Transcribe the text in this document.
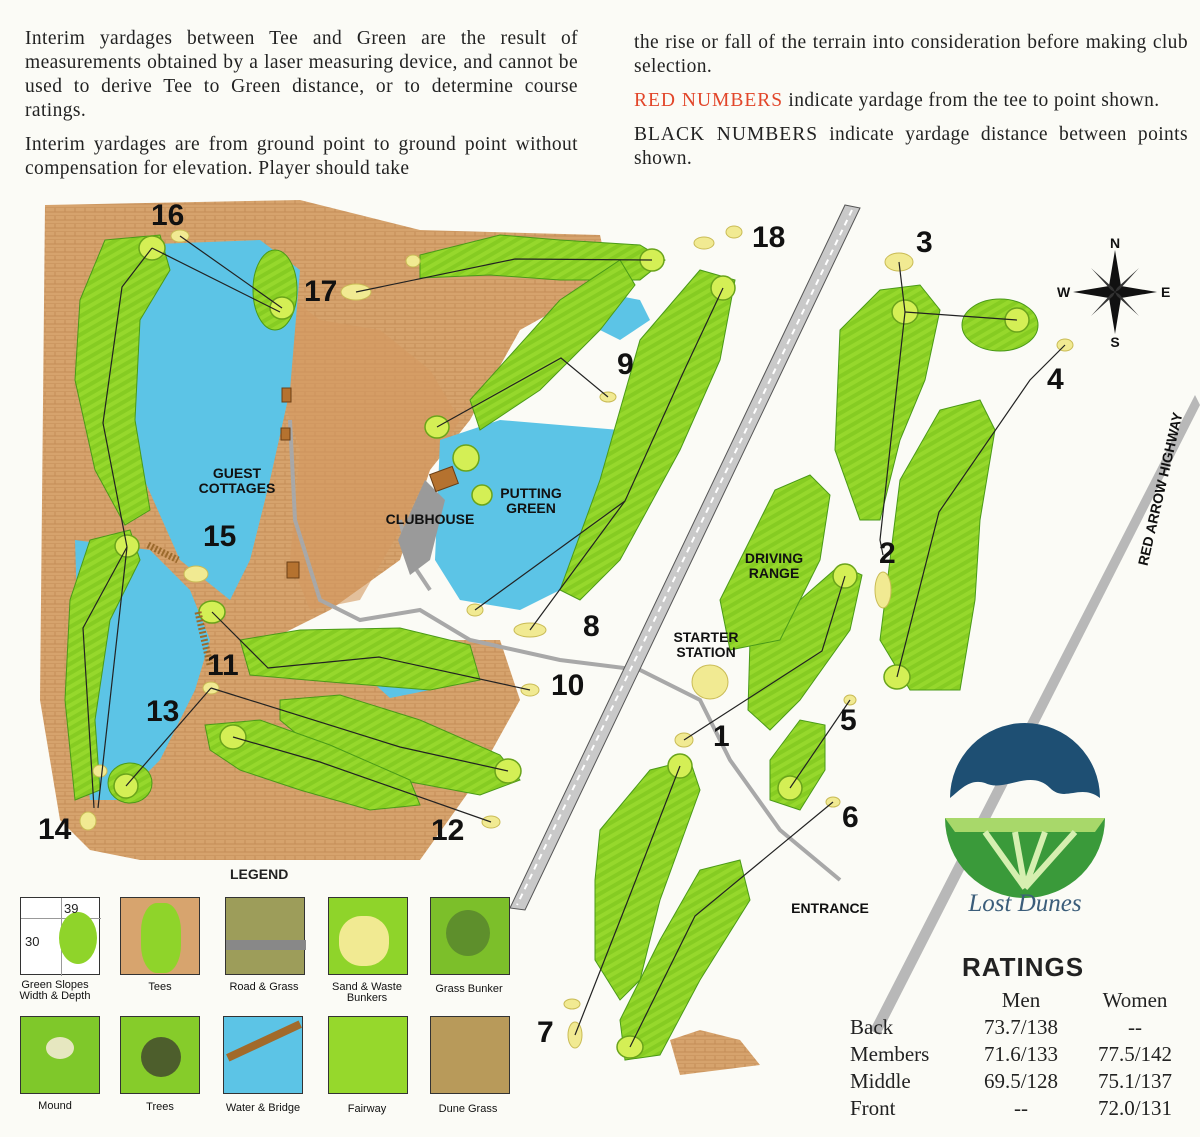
Interim yardages between Tee and Green are the result of measurements obtained by a laser measuring device, and cannot be used to derive Tee to Green distance, or to determine course ratings.

Interim yardages are from ground point to ground point without compensation for elevation. Player should take

the rise or fall of the terrain into consideration before making club selection.

RED NUMBERS indicate yardage from the tee to point shown.

BLACK NUMBERS indicate yardage distance between points shown.

N
S
E
W
1
2
3
4
5
6
7
8
9
10
11
12
13
14
15
16
17
18
GUEST
COTTAGES
CLUBHOUSE
PUTTING
GREEN
DRIVING
RANGE
STARTER
STATION
ENTRANCE
RED ARROW HIGHWAY
Lost Dunes
LEGEND
39
30
Green Slopes
Width & Depth
Tees	Road & Grass	Sand & Waste
Bunkers
Grass Bunker
Mound	Trees	Water & Bridge	Fairway	Dune Grass
RATINGS
Men	Women
Back	73.7/138	--
Members	71.6/133	77.5/142
Middle	69.5/128	75.1/137
Front	--	72.0/131
